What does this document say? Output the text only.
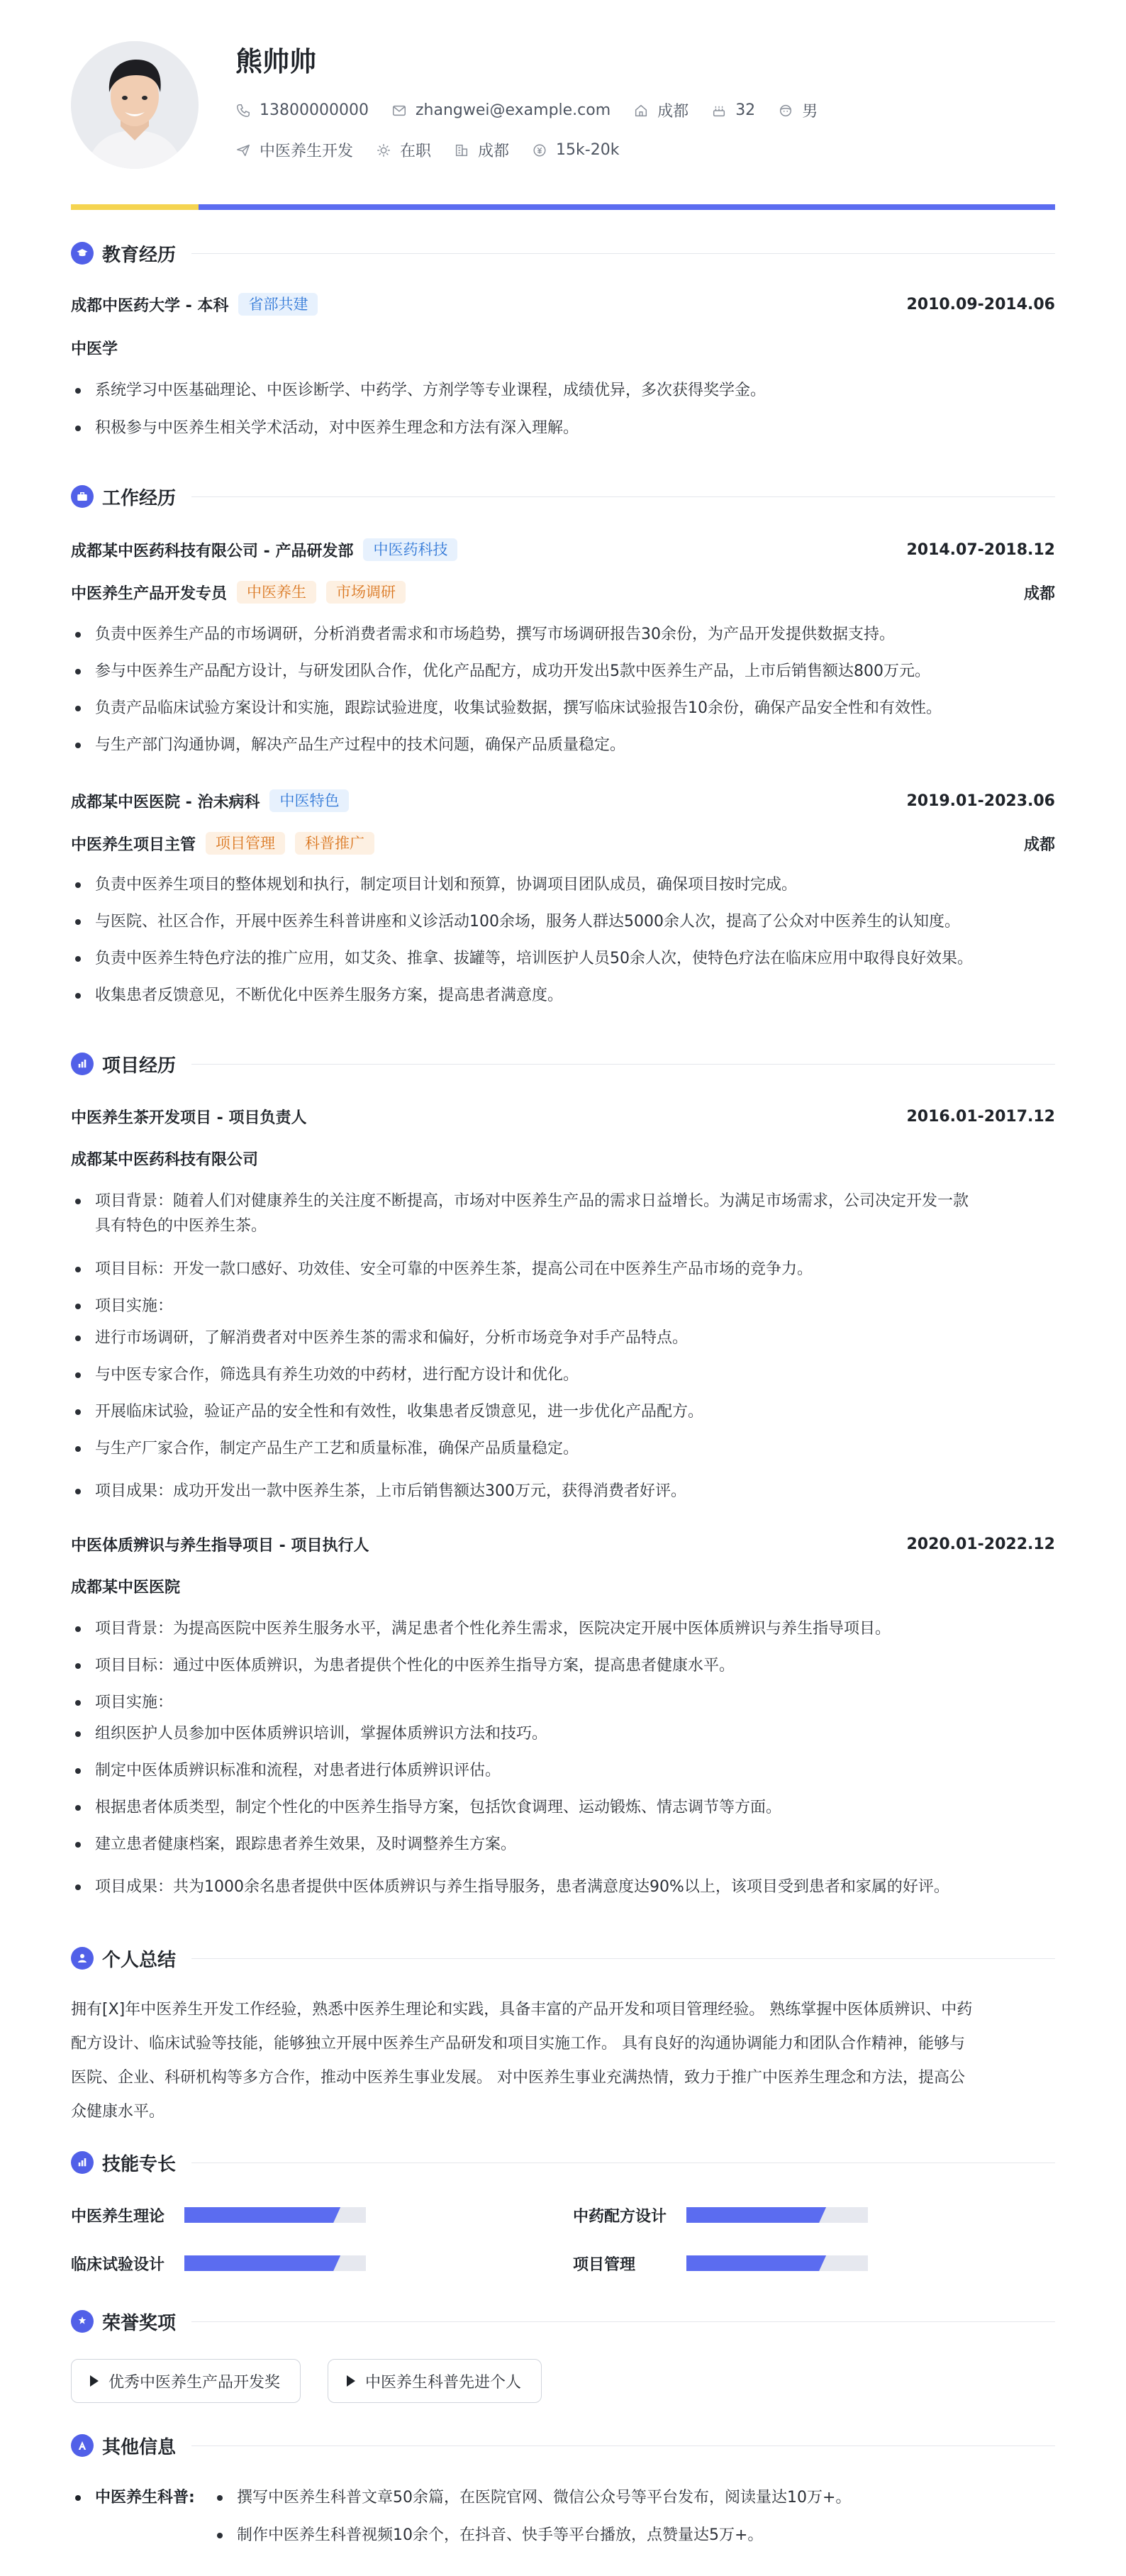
熊帅帅
13800000000	zhangwei@example.com	成都	32	男
中医养生开发	在职	成都	15k-20k
教育经历
成都中医药大学 - 本科	省部共建	2010.09-2014.06
中医学
系统学习中医基础理论、中医诊断学、中药学、方剂学等专业课程，成绩优异，多次获得奖学金。
积极参与中医养生相关学术活动，对中医养生理念和方法有深入理解。
工作经历
成都某中医药科技有限公司 - 产品研发部	中医药科技	2014.07-2018.12
中医养生产品开发专员	中医养生	市场调研	成都
负责中医养生产品的市场调研，分析消费者需求和市场趋势，撰写市场调研报告30余份，为产品开发提供数据支持。
参与中医养生产品配方设计，与研发团队合作，优化产品配方，成功开发出5款中医养生产品，上市后销售额达800万元。
负责产品临床试验方案设计和实施，跟踪试验进度，收集试验数据，撰写临床试验报告10余份，确保产品安全性和有效性。
与生产部门沟通协调，解决产品生产过程中的技术问题，确保产品质量稳定。
成都某中医医院 - 治未病科	中医特色	2019.01-2023.06
中医养生项目主管	项目管理	科普推广	成都
负责中医养生项目的整体规划和执行，制定项目计划和预算，协调项目团队成员，确保项目按时完成。
与医院、社区合作，开展中医养生科普讲座和义诊活动100余场，服务人群达5000余人次，提高了公众对中医养生的认知度。
负责中医养生特色疗法的推广应用，如艾灸、推拿、拔罐等，培训医护人员50余人次，使特色疗法在临床应用中取得良好效果。
收集患者反馈意见，不断优化中医养生服务方案，提高患者满意度。
项目经历
中医养生茶开发项目 - 项目负责人	2016.01-2017.12
成都某中医药科技有限公司
项目背景：随着人们对健康养生的关注度不断提高，市场对中医养生产品的需求日益增长。为满足市场需求，公司决定开发一款
具有特色的中医养生茶。
项目目标：开发一款口感好、功效佳、安全可靠的中医养生茶，提高公司在中医养生产品市场的竞争力。
项目实施：
进行市场调研，了解消费者对中医养生茶的需求和偏好，分析市场竞争对手产品特点。
与中医专家合作，筛选具有养生功效的中药材，进行配方设计和优化。
开展临床试验，验证产品的安全性和有效性，收集患者反馈意见，进一步优化产品配方。
与生产厂家合作，制定产品生产工艺和质量标准，确保产品质量稳定。
项目成果：成功开发出一款中医养生茶，上市后销售额达300万元，获得消费者好评。
中医体质辨识与养生指导项目 - 项目执行人	2020.01-2022.12
成都某中医医院
项目背景：为提高医院中医养生服务水平，满足患者个性化养生需求，医院决定开展中医体质辨识与养生指导项目。
项目目标：通过中医体质辨识，为患者提供个性化的中医养生指导方案，提高患者健康水平。
项目实施：
组织医护人员参加中医体质辨识培训，掌握体质辨识方法和技巧。
制定中医体质辨识标准和流程，对患者进行体质辨识评估。
根据患者体质类型，制定个性化的中医养生指导方案，包括饮食调理、运动锻炼、情志调节等方面。
建立患者健康档案，跟踪患者养生效果，及时调整养生方案。
项目成果：共为1000余名患者提供中医体质辨识与养生指导服务，患者满意度达90%以上，该项目受到患者和家属的好评。
个人总结
拥有[X]年中医养生开发工作经验，熟悉中医养生理论和实践，具备丰富的产品开发和项目管理经验。 熟练掌握中医体质辨识、中药
配方设计、临床试验等技能，能够独立开展中医养生产品研发和项目实施工作。 具有良好的沟通协调能力和团队合作精神，能够与
医院、企业、科研机构等多方合作，推动中医养生事业发展。 对中医养生事业充满热情，致力于推广中医养生理念和方法，提高公
众健康水平。
技能专长
中医养生理论	中药配方设计
临床试验设计	项目管理
荣誉奖项
优秀中医养生产品开发奖	中医养生科普先进个人
其他信息
中医养生科普:	撰写中医养生科普文章50余篇，在医院官网、微信公众号等平台发布，阅读量达10万+。
制作中医养生科普视频10余个，在抖音、快手等平台播放，点赞量达5万+。
